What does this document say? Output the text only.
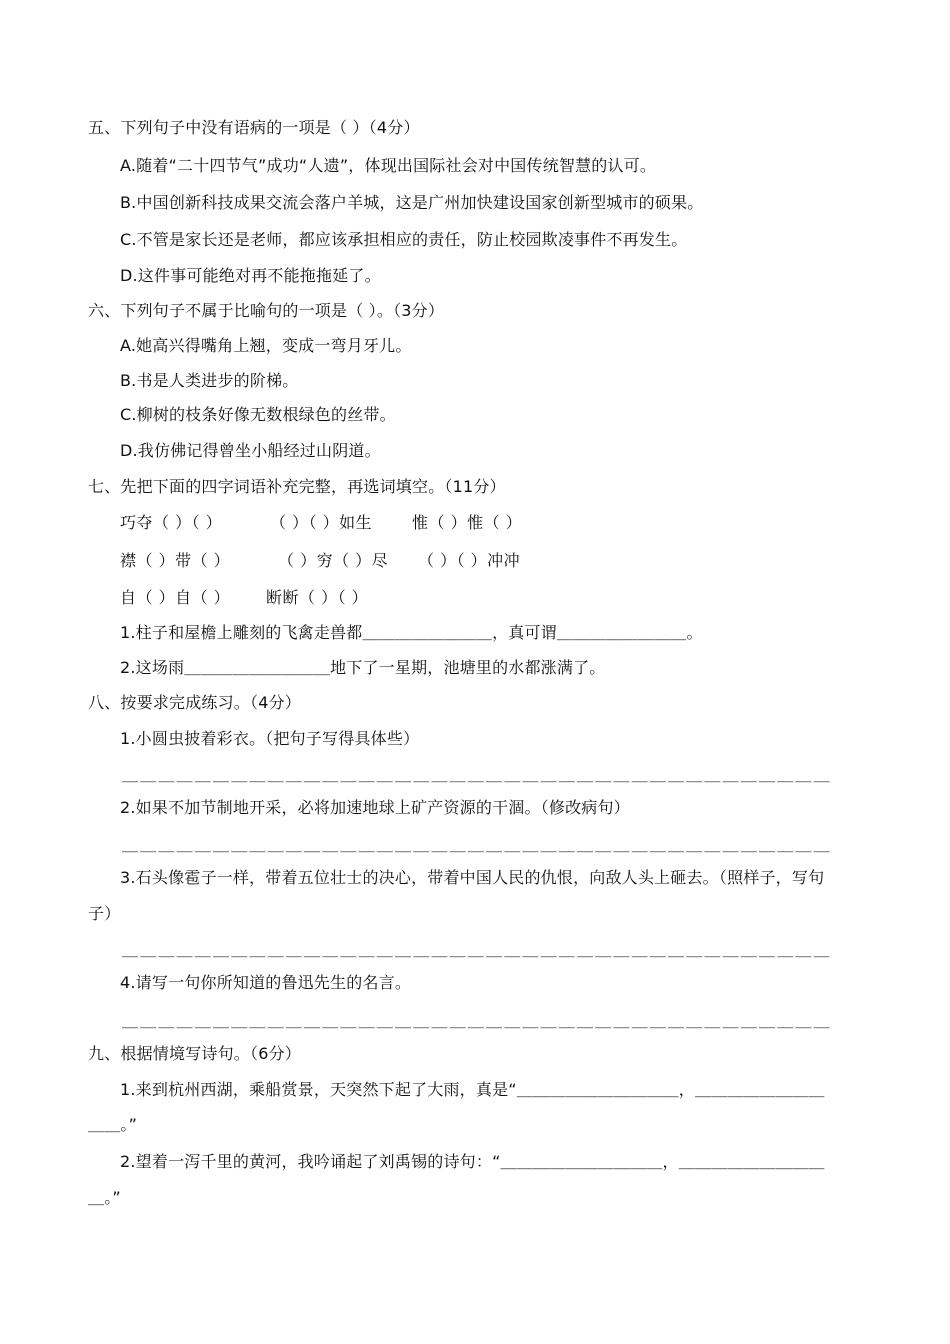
五、下列句子中没有语病的一项是（ ）（4分）
A.随着“二十四节气”成功“人遗”，体现出国际社会对中国传统智慧的认可。
B.中国创新科技成果交流会落户羊城，这是广州加快建设国家创新型城市的硕果。
C.不管是家长还是老师，都应该承担相应的责任，防止校园欺凌事件不再发生。
D.这件事可能绝对再不能拖拖延了。
六、下列句子不属于比喻句的一项是（ ）。（3分）
A.她高兴得嘴角上翘，变成一弯月牙儿。
B.书是人类进步的阶梯。
C.柳树的枝条好像无数根绿色的丝带。
D.我仿佛记得曾坐小船经过山阴道。
七、先把下面的四字词语补充完整，再选词填空。（11分）
巧夺（ ）（ ）	（ ）（ ）如生 惟（ ）惟（ ）
襟（ ）带（ ）	（ ）穷（ ）尽 （ ）（ ）冲冲
自（ ）自（ ） 断断（ ）（ ）
1.柱子和屋檐上雕刻的飞禽走兽都＿＿＿＿＿＿＿＿，真可谓＿＿＿＿＿＿＿＿。
2.这场雨＿＿＿＿＿＿＿＿＿地下了一星期，池塘里的水都涨满了。
八、按要求完成练习。（4分）
1.小圆虫披着彩衣。（把句子写得具体些）
＿＿＿＿＿＿＿＿＿＿＿＿＿＿＿＿＿＿＿＿＿＿＿＿＿＿＿＿＿＿＿＿＿＿＿＿＿＿＿
2.如果不加节制地开采，必将加速地球上矿产资源的干涸。（修改病句）
＿＿＿＿＿＿＿＿＿＿＿＿＿＿＿＿＿＿＿＿＿＿＿＿＿＿＿＿＿＿＿＿＿＿＿＿＿＿＿
3.石头像雹子一样，带着五位壮士的决心，带着中国人民的仇恨，向敌人头上砸去。（照样子，写句
子）
＿＿＿＿＿＿＿＿＿＿＿＿＿＿＿＿＿＿＿＿＿＿＿＿＿＿＿＿＿＿＿＿＿＿＿＿＿＿＿
4.请写一句你所知道的鲁迅先生的名言。
＿＿＿＿＿＿＿＿＿＿＿＿＿＿＿＿＿＿＿＿＿＿＿＿＿＿＿＿＿＿＿＿＿＿＿＿＿＿＿
九、根据情境写诗句。（6分）
1.来到杭州西湖，乘船赏景，天突然下起了大雨，真是“＿＿＿＿＿＿＿＿＿＿，＿＿＿＿＿＿＿＿
＿＿。”
2.望着一泻千里的黄河，我吟诵起了刘禹锡的诗句：“＿＿＿＿＿＿＿＿＿＿，＿＿＿＿＿＿＿＿＿
＿。”
